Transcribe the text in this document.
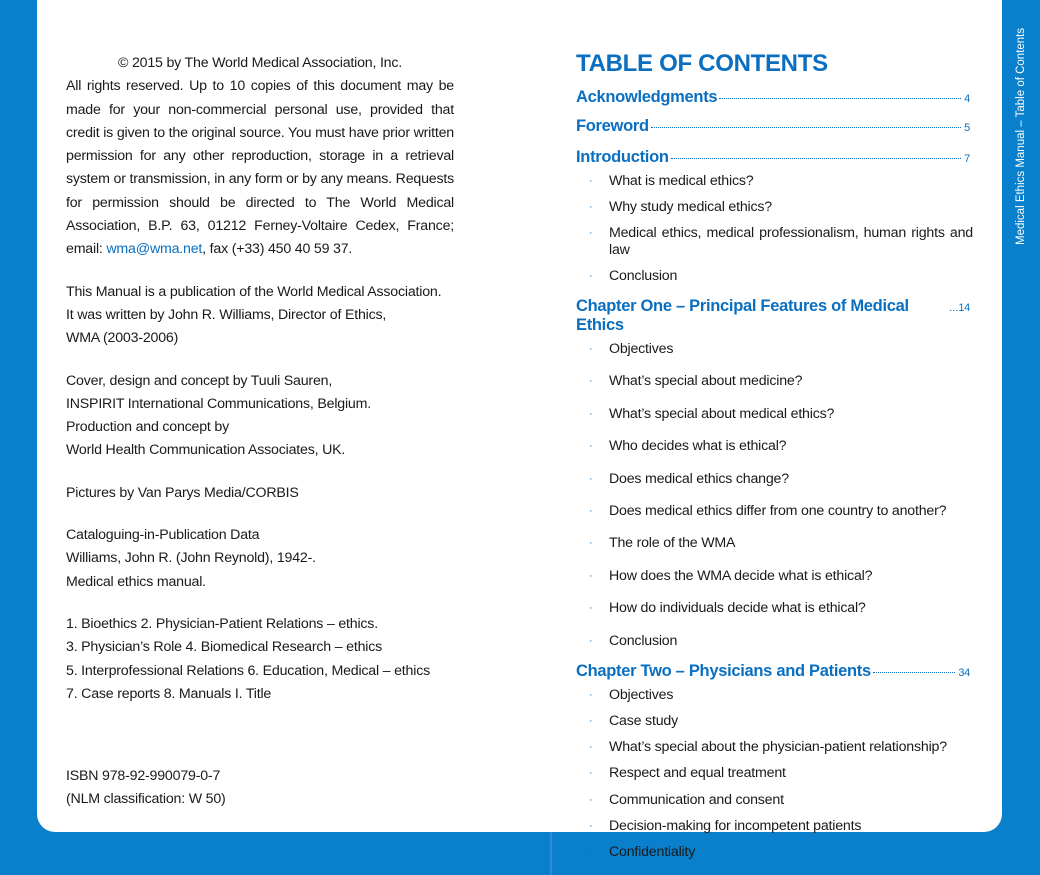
Medical Ethics Manual – Table of Contents

© 2015 by The World Medical Association, Inc.

All rights reserved. Up to 10 copies of this document may be made for your non-commercial personal use, provided that credit is given to the original source. You must have prior written permission for any other reproduction, storage in a retrieval system or transmission, in any form or by any means. Requests for permission should be directed to The World Medical Association, B.P. 63, 01212 Ferney-Voltaire Cedex, France; email: wma@wma.net, fax (+33) 450 40 59 37.

This Manual is a publication of the World Medical Association.

It was written by John R. Williams, Director of Ethics,

WMA (2003-2006)

Cover, design and concept by Tuuli Sauren,

INSPIRIT International Communications, Belgium.

Production and concept by

World Health Communication Associates, UK.

Pictures by Van Parys Media/CORBIS

Cataloguing-in-Publication Data

Williams, John R. (John Reynold), 1942-.

Medical ethics manual.

1. Bioethics 2. Physician-Patient Relations – ethics.

3. Physician’s Role 4. Biomedical Research – ethics

5. Interprofessional Relations 6. Education, Medical – ethics

7. Case reports 8. Manuals I. Title

ISBN 978-92-990079-0-7

(NLM classification: W 50)

TABLE OF CONTENTS
Acknowledgments	4
Foreword	5
Introduction	7
· What is medical ethics?
· Why study medical ethics?
· Medical ethics, medical professionalism, human rights and law
· Conclusion
Chapter One – Principal Features of Medical Ethics
... 14
· Objectives
· What’s special about medicine?
· What’s special about medical ethics?
· Who decides what is ethical?
· Does medical ethics change?
· Does medical ethics differ from one country to another?
· The role of the WMA
· How does the WMA decide what is ethical?
· How do individuals decide what is ethical?
· Conclusion
Chapter Two – Physicians and Patients	34
· Objectives
· Case study
· What’s special about the physician-patient relationship?
· Respect and equal treatment
· Communication and consent
· Decision-making for incompetent patients
· Confidentiality
